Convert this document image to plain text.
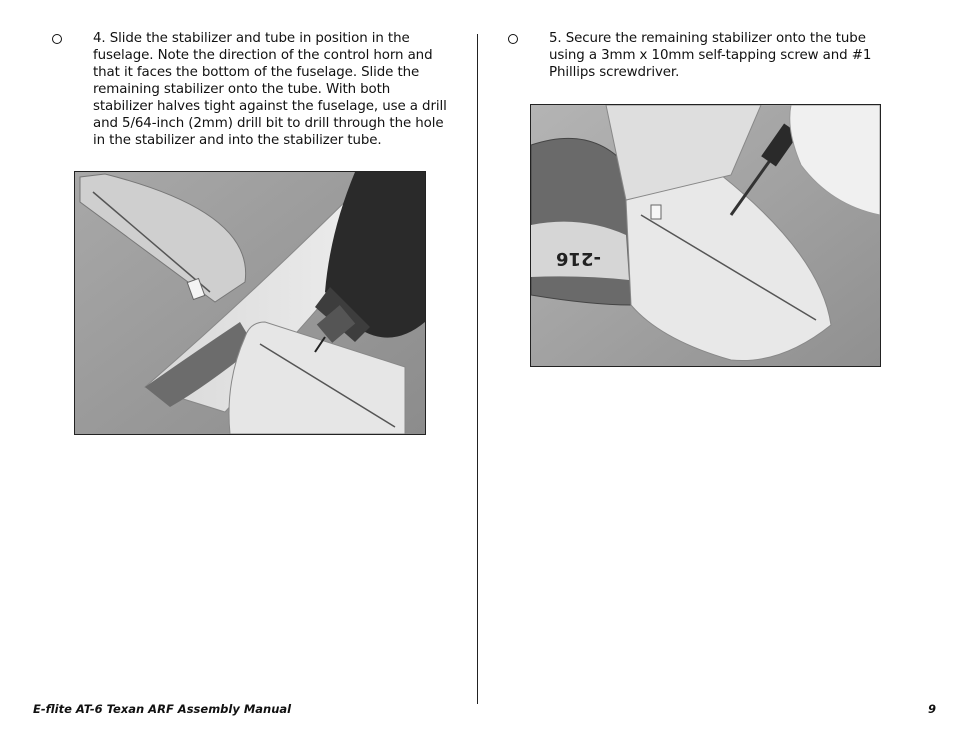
4. Slide the stabilizer and tube in position in the fuselage. Note the direction of the control horn and that it faces the bottom of the fuselage. Slide the remaining stabilizer onto the tube. With both stabilizer halves tight against the fuselage, use a drill and 5/64-inch (2mm) drill bit to drill through the hole in the stabilizer and into the stabilizer tube.
5. Secure the remaining stabilizer onto the tube using a 3mm x 10mm self-tapping screw and #1 Phillips screwdriver.
-216
E-flite AT-6 Texan ARF Assembly Manual	9
